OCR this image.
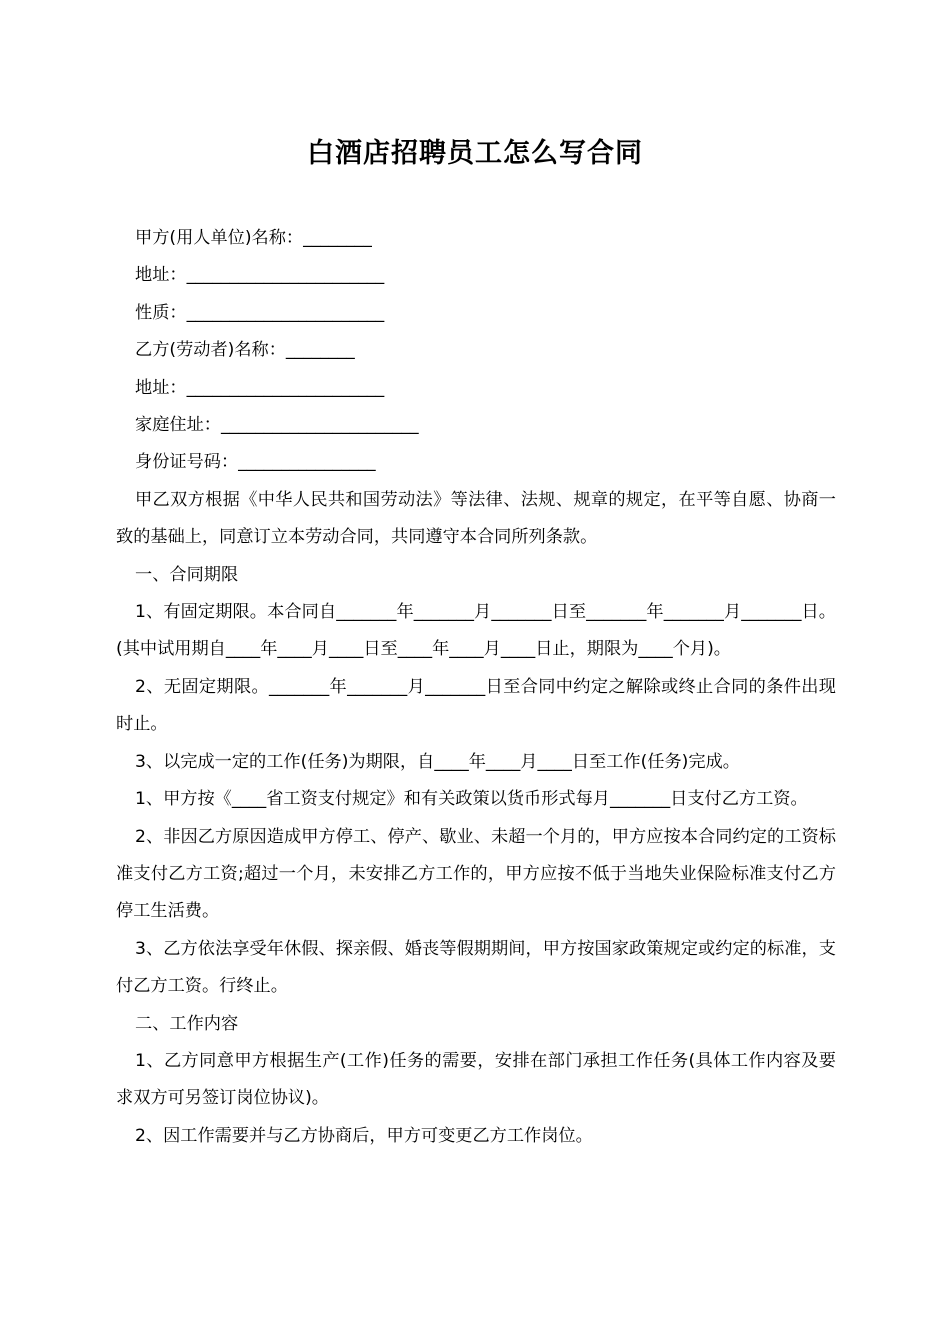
白酒店招聘员工怎么写合同

甲方(用人单位)名称：________

地址：_______________________

性质：_______________________

乙方(劳动者)名称：________

地址：_______________________

家庭住址：_______________________

身份证号码：________________

甲乙双方根据《中华人民共和国劳动法》等法律、法规、规章的规定，在平等自愿、协商一致的基础上，同意订立本劳动合同，共同遵守本合同所列条款。

一、合同期限

1、有固定期限。本合同自_______年_______月_______日至_______年_______月_______日。(其中试用期自____年____月____日至____年____月____日止，期限为____个月)。

2、无固定期限。_______年_______月_______日至合同中约定之解除或终止合同的条件出现时止。

3、以完成一定的工作(任务)为期限，自____年____月____日至工作(任务)完成。

1、甲方按《____省工资支付规定》和有关政策以货币形式每月_______日支付乙方工资。

2、非因乙方原因造成甲方停工、停产、歇业、未超一个月的，甲方应按本合同约定的工资标准支付乙方工资;超过一个月，未安排乙方工作的，甲方应按不低于当地失业保险标准支付乙方停工生活费。

3、乙方依法享受年休假、探亲假、婚丧等假期期间，甲方按国家政策规定或约定的标准，支付乙方工资。行终止。

二、工作内容

1、乙方同意甲方根据生产(工作)任务的需要，安排在部门承担工作任务(具体工作内容及要求双方可另签订岗位协议)。

2、因工作需要并与乙方协商后，甲方可变更乙方工作岗位。
